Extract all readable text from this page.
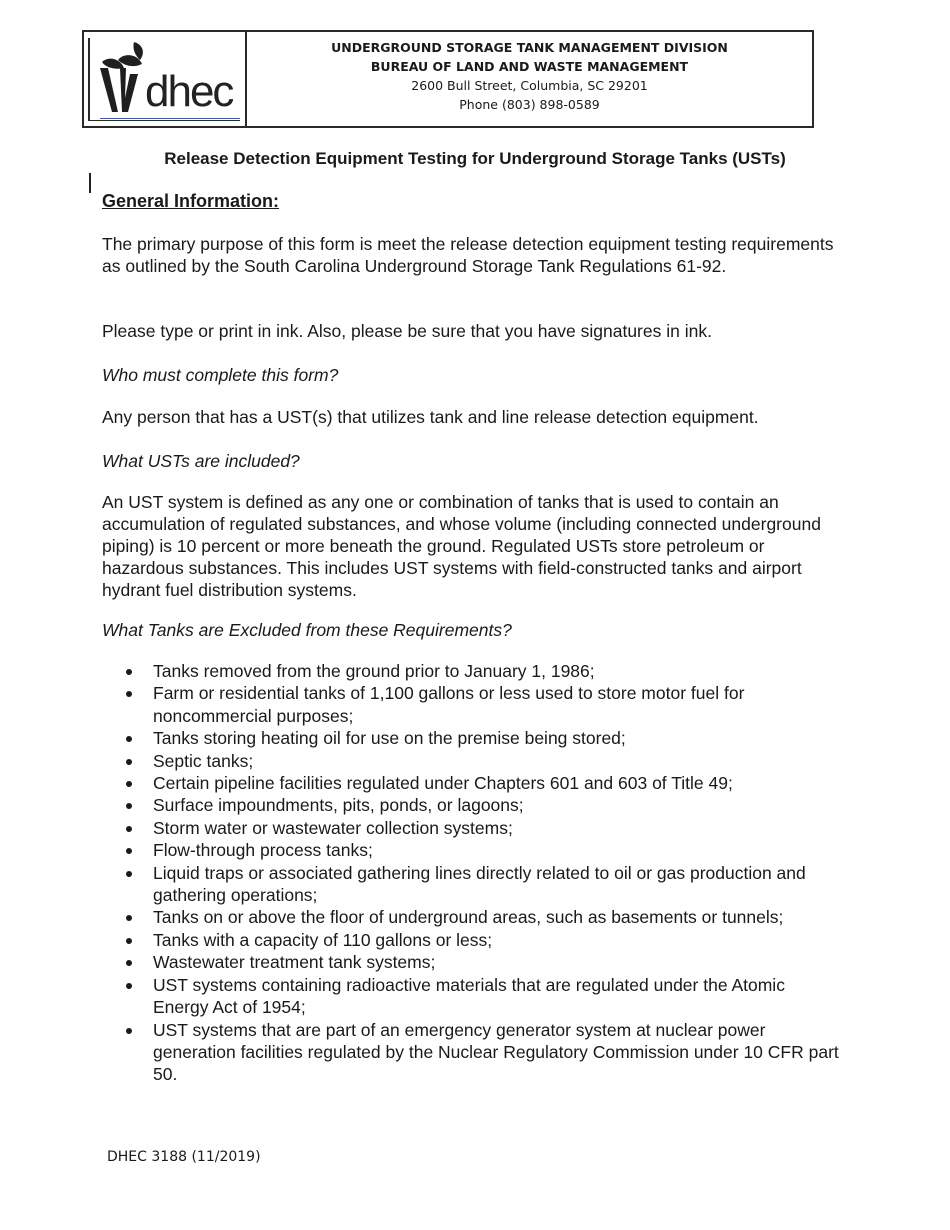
dhec
UNDERGROUND STORAGE TANK MANAGEMENT DIVISION
BUREAU OF LAND AND WASTE MANAGEMENT
2600 Bull Street, Columbia, SC 29201
Phone (803) 898-0589
Release Detection Equipment Testing for Underground Storage Tanks (USTs)
General Information:
The primary purpose of this form is meet the release detection equipment testing requirements as outlined by the South Carolina Underground Storage Tank Regulations 61-92.
Please type or print in ink. Also, please be sure that you have signatures in ink.
Who must complete this form?
Any person that has a UST(s) that utilizes tank and line release detection equipment.
What USTs are included?
An UST system is defined as any one or combination of tanks that is used to contain an accumulation of regulated substances, and whose volume (including connected underground piping) is 10 percent or more beneath the ground. Regulated USTs store petroleum or hazardous substances. This includes UST systems with field-constructed tanks and airport hydrant fuel distribution systems.
What Tanks are Excluded from these Requirements?
Tanks removed from the ground prior to January 1, 1986;
Farm or residential tanks of 1,100 gallons or less used to store motor fuel for noncommercial purposes;
Tanks storing heating oil for use on the premise being stored;
Septic tanks;
Certain pipeline facilities regulated under Chapters 601 and 603 of Title 49;
Surface impoundments, pits, ponds, or lagoons;
Storm water or wastewater collection systems;
Flow-through process tanks;
Liquid traps or associated gathering lines directly related to oil or gas production and gathering operations;
Tanks on or above the floor of underground areas, such as basements or tunnels;
Tanks with a capacity of 110 gallons or less;
Wastewater treatment tank systems;
UST systems containing radioactive materials that are regulated under the Atomic Energy Act of 1954;
UST systems that are part of an emergency generator system at nuclear power generation facilities regulated by the Nuclear Regulatory Commission under 10 CFR part 50.
DHEC 3188 (11/2019)
